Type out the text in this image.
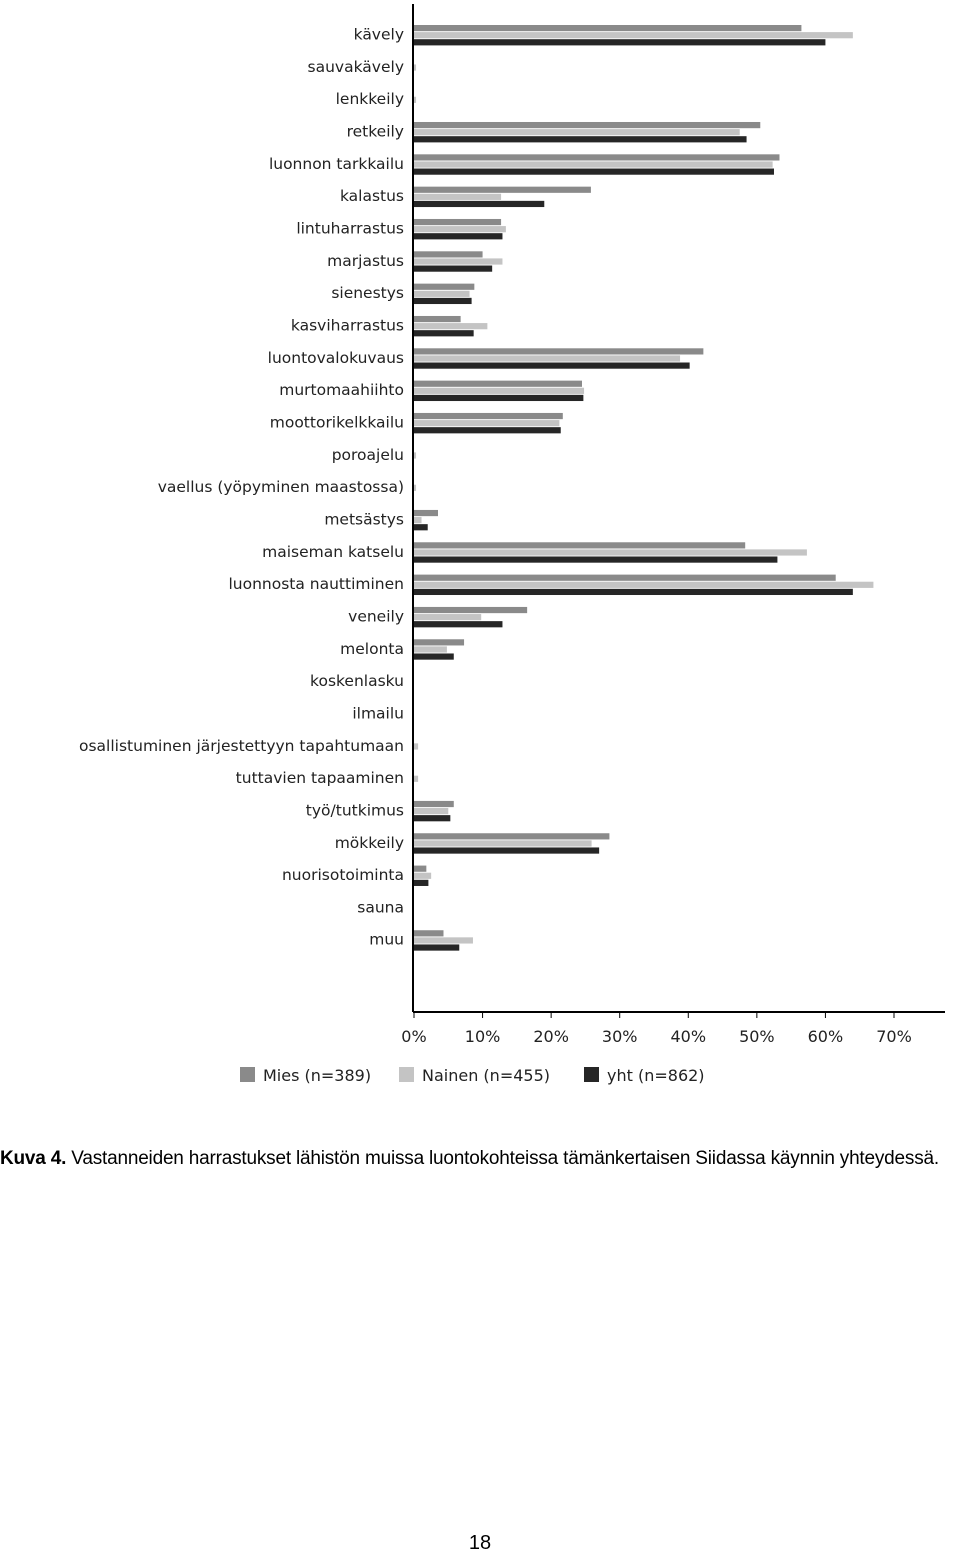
kävely
sauvakävely
lenkkeily
retkeily
luonnon tarkkailu
kalastus
lintuharrastus
marjastus
sienestys
kasviharrastus
luontovalokuvaus
murtomaahiihto
moottorikelkkailu
poroajelu
vaellus (yöpyminen maastossa)
metsästys
maiseman katselu
luonnosta nauttiminen
veneily
melonta
koskenlasku
ilmailu
osallistuminen järjestettyyn tapahtumaan
tuttavien tapaaminen
työ/tutkimus
mökkeily
nuorisotoiminta
sauna
muu
0% 10% 20% 30% 40% 50% 60% 70%
Mies (n=389)	Nainen (n=455)	yht (n=862)
Kuva 4. Vastanneiden harrastukset lähistön muissa luontokohteissa tämänkertaisen Siidassa käynnin yhteydessä.
18
